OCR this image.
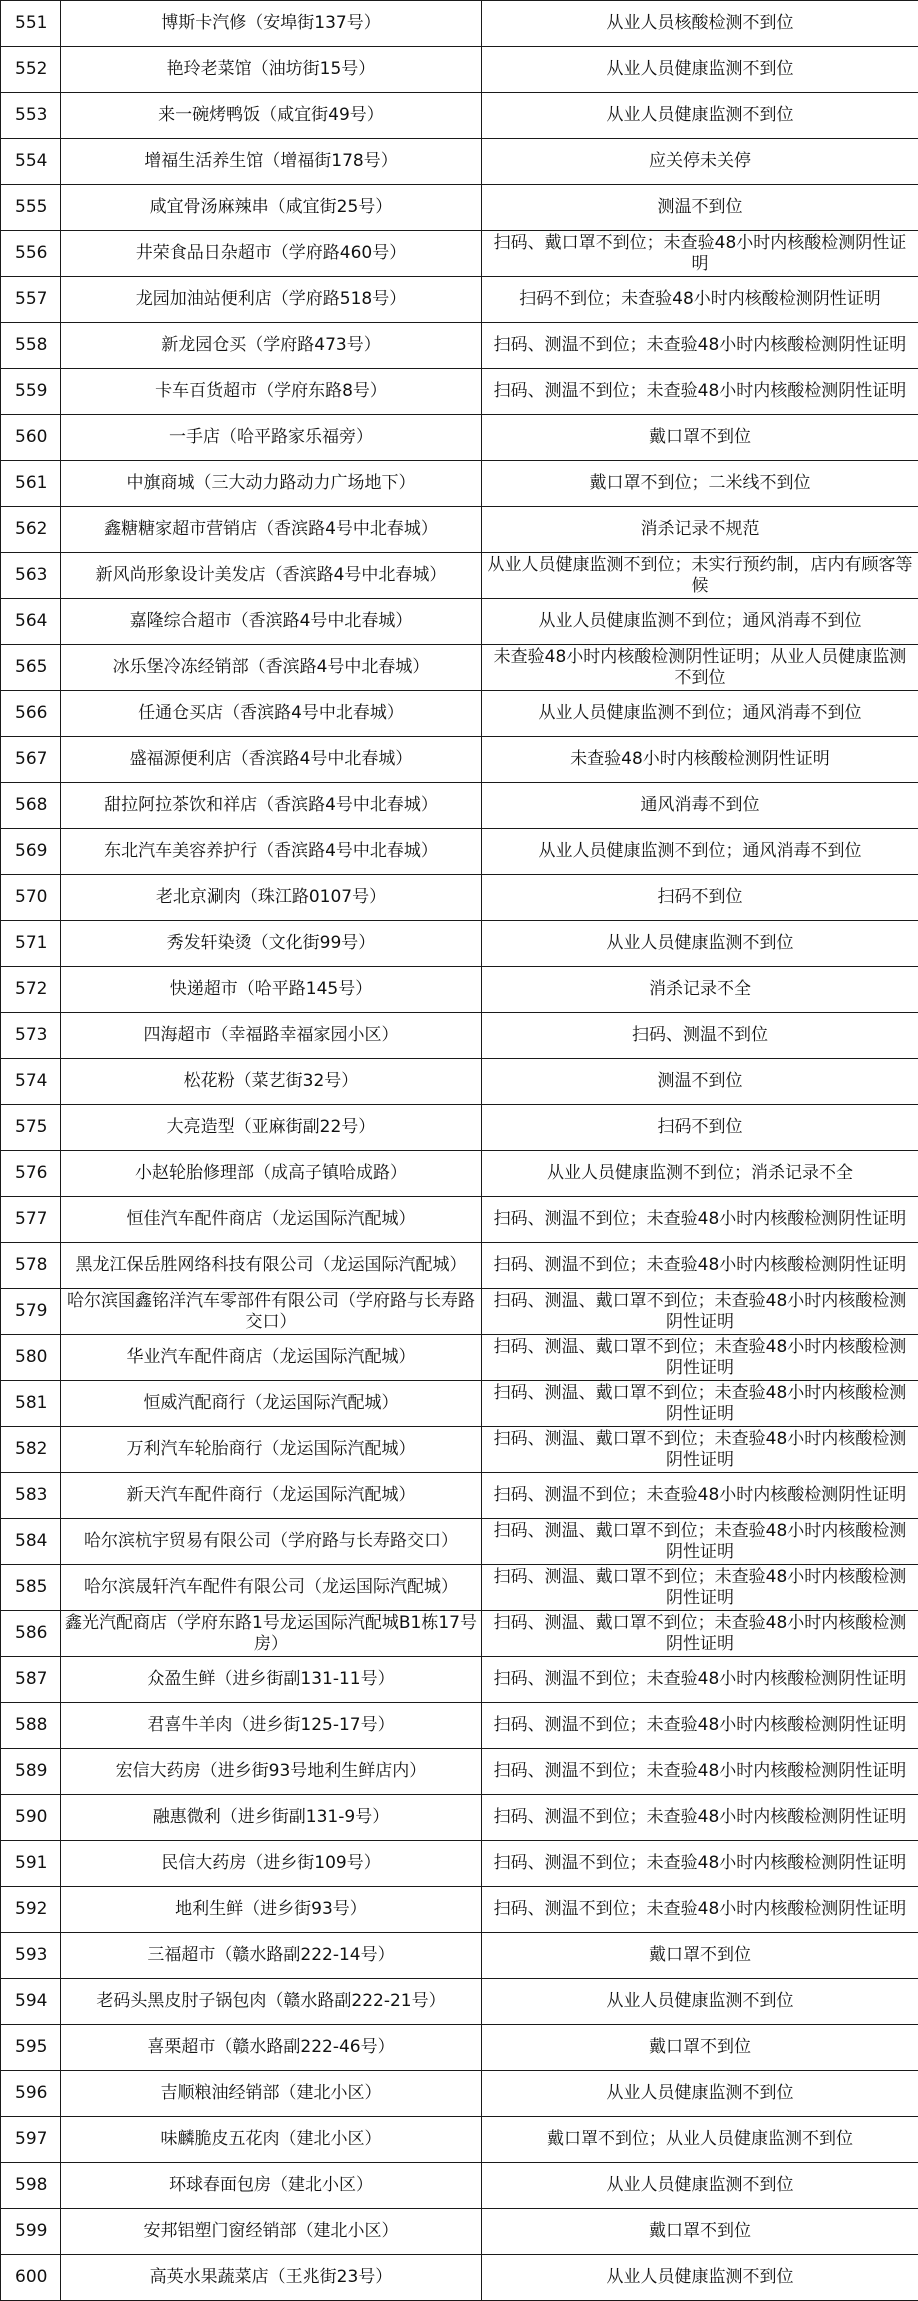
551	博斯卡汽修（安埠街137号）	从业人员核酸检测不到位
552	艳玲老菜馆（油坊街15号）	从业人员健康监测不到位
553	来一碗烤鸭饭（咸宜街49号）	从业人员健康监测不到位
554	增福生活养生馆（增福街178号）	应关停未关停
555	咸宜骨汤麻辣串（咸宜街25号）	测温不到位
556	井荣食品日杂超市（学府路460号）	扫码、戴口罩不到位；未查验48小时内核酸检测阴性证明
557	龙园加油站便利店（学府路518号）	扫码不到位；未查验48小时内核酸检测阴性证明
558	新龙园仓买（学府路473号）	扫码、测温不到位；未查验48小时内核酸检测阴性证明
559	卡车百货超市（学府东路8号）	扫码、测温不到位；未查验48小时内核酸检测阴性证明
560	一手店（哈平路家乐福旁）	戴口罩不到位
561	中旗商城（三大动力路动力广场地下）	戴口罩不到位；二米线不到位
562	鑫糖糖家超市营销店（香滨路4号中北春城）	消杀记录不规范
563	新风尚形象设计美发店（香滨路4号中北春城）	从业人员健康监测不到位；未实行预约制，店内有顾客等候
564	嘉隆综合超市（香滨路4号中北春城）	从业人员健康监测不到位；通风消毒不到位
565	冰乐堡冷冻经销部（香滨路4号中北春城）	未查验48小时内核酸检测阴性证明；从业人员健康监测不到位
566	任通仓买店（香滨路4号中北春城）	从业人员健康监测不到位；通风消毒不到位
567	盛福源便利店（香滨路4号中北春城）	未查验48小时内核酸检测阴性证明
568	甜拉阿拉茶饮和祥店（香滨路4号中北春城）	通风消毒不到位
569	东北汽车美容养护行（香滨路4号中北春城）	从业人员健康监测不到位；通风消毒不到位
570	老北京涮肉（珠江路0107号）	扫码不到位
571	秀发轩染烫（文化街99号）	从业人员健康监测不到位
572	快递超市（哈平路145号）	消杀记录不全
573	四海超市（幸福路幸福家园小区）	扫码、测温不到位
574	松花粉（菜艺街32号）	测温不到位
575	大亮造型（亚麻街副22号）	扫码不到位
576	小赵轮胎修理部（成高子镇哈成路）	从业人员健康监测不到位；消杀记录不全
577	恒佳汽车配件商店（龙运国际汽配城）	扫码、测温不到位；未查验48小时内核酸检测阴性证明
578	黑龙江保岳胜网络科技有限公司（龙运国际汽配城）	扫码、测温不到位；未查验48小时内核酸检测阴性证明
579	哈尔滨国鑫铭洋汽车零部件有限公司（学府路与长寿路交口）	扫码、测温、戴口罩不到位；未查验48小时内核酸检测阴性证明
580	华业汽车配件商店（龙运国际汽配城）	扫码、测温、戴口罩不到位；未查验48小时内核酸检测阴性证明
581	恒威汽配商行（龙运国际汽配城）	扫码、测温、戴口罩不到位；未查验48小时内核酸检测阴性证明
582	万利汽车轮胎商行（龙运国际汽配城）	扫码、测温、戴口罩不到位；未查验48小时内核酸检测阴性证明
583	新天汽车配件商行（龙运国际汽配城）	扫码、测温不到位；未查验48小时内核酸检测阴性证明
584	哈尔滨杭宇贸易有限公司（学府路与长寿路交口）	扫码、测温、戴口罩不到位；未查验48小时内核酸检测阴性证明
585	哈尔滨晟轩汽车配件有限公司（龙运国际汽配城）	扫码、测温、戴口罩不到位；未查验48小时内核酸检测阴性证明
586	鑫光汽配商店（学府东路1号龙运国际汽配城B1栋17号房）	扫码、测温、戴口罩不到位；未查验48小时内核酸检测阴性证明
587	众盈生鲜（进乡街副131-11号）	扫码、测温不到位；未查验48小时内核酸检测阴性证明
588	君喜牛羊肉（进乡街125-17号）	扫码、测温不到位；未查验48小时内核酸检测阴性证明
589	宏信大药房（进乡街93号地利生鲜店内）	扫码、测温不到位；未查验48小时内核酸检测阴性证明
590	融惠微利（进乡街副131-9号）	扫码、测温不到位；未查验48小时内核酸检测阴性证明
591	民信大药房（进乡街109号）	扫码、测温不到位；未查验48小时内核酸检测阴性证明
592	地利生鲜（进乡街93号）	扫码、测温不到位；未查验48小时内核酸检测阴性证明
593	三福超市（赣水路副222-14号）	戴口罩不到位
594	老码头黑皮肘子锅包肉（赣水路副222-21号）	从业人员健康监测不到位
595	喜栗超市（赣水路副222-46号）	戴口罩不到位
596	吉顺粮油经销部（建北小区）	从业人员健康监测不到位
597	味麟脆皮五花肉（建北小区）	戴口罩不到位；从业人员健康监测不到位
598	环球春面包房（建北小区）	从业人员健康监测不到位
599	安邦铝塑门窗经销部（建北小区）	戴口罩不到位
600	高英水果蔬菜店（王兆街23号）	从业人员健康监测不到位
